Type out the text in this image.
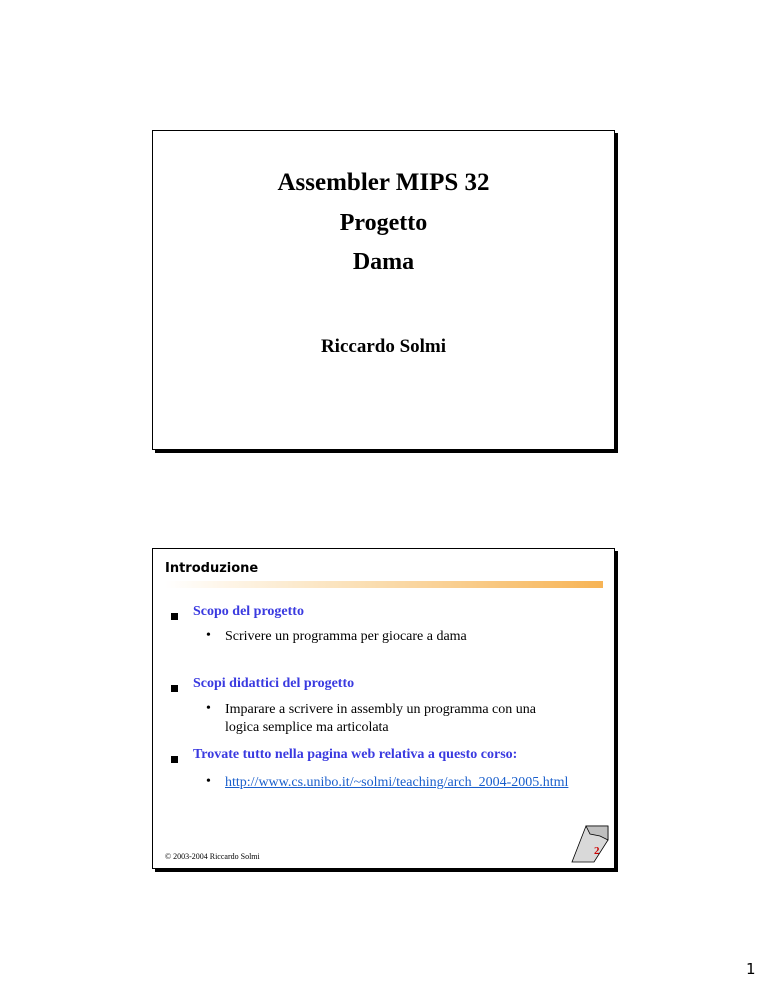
Assembler MIPS 32
Progetto
Dama
Riccardo Solmi
Introduzione
Scopo del progetto
• Scrivere un programma per giocare a dama
Scopi didattici del progetto
• Imparare a scrivere in assembly un programma con una
logica semplice ma articolata
Trovate tutto nella pagina web relativa a questo corso:
• http://www.cs.unibo.it/~solmi/teaching/arch_2004-2005.html
© 2003-2004 Riccardo Solmi	2
1
